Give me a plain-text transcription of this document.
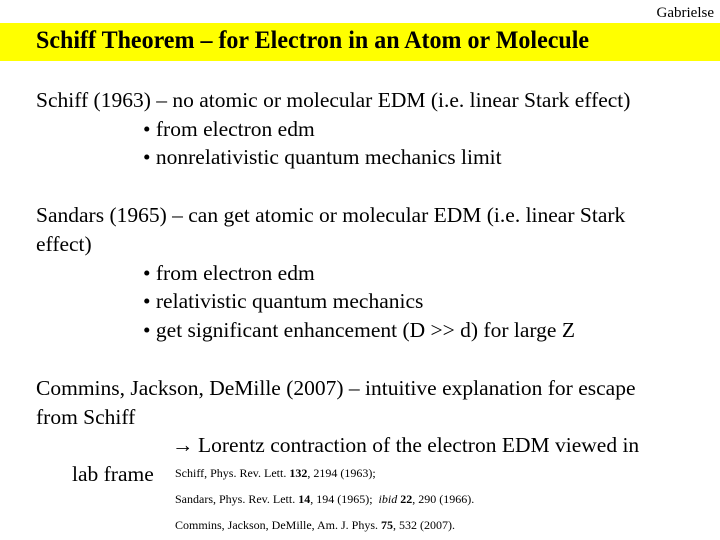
Gabrielse
Schiff Theorem – for Electron in an Atom or Molecule
Schiff (1963) – no atomic or molecular EDM (i.e. linear Stark effect)
• from electron edm
• nonrelativistic quantum mechanics limit
Sandars (1965) – can get atomic or molecular EDM (i.e. linear Stark
effect)
• from electron edm
• relativistic quantum mechanics
• get significant enhancement (D >> d) for large Z
Commins, Jackson, DeMille (2007) – intuitive explanation for escape
from Schiff
→ Lorentz contraction of the electron EDM viewed in
lab frame Schiff, Phys. Rev. Lett. 132, 2194 (1963);
Sandars, Phys. Rev. Lett. 14, 194 (1965);  ibid 22, 290 (1966).
Commins, Jackson, DeMille, Am. J. Phys. 75, 532 (2007).
